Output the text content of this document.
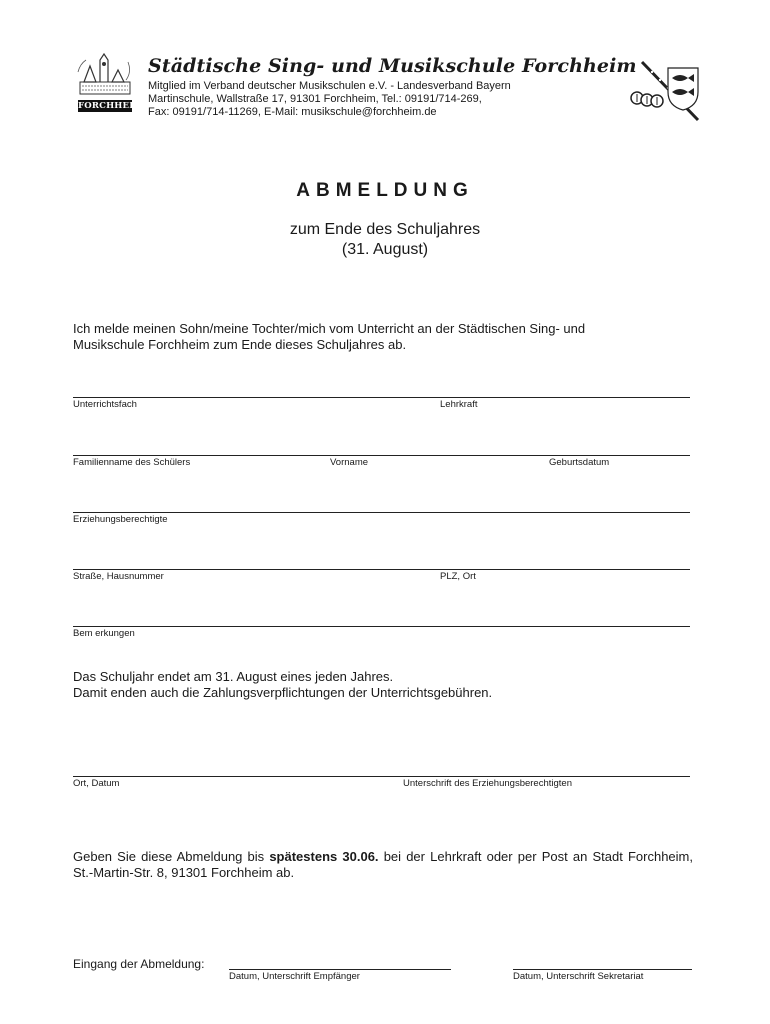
FORCHHEIM
Städtische Sing- und Musikschule Forchheim
Mitglied im Verband deutscher Musikschulen e.V. - Landesverband Bayern
Martinschule, Wallstraße 17, 91301 Forchheim, Tel.: 09191/714-269,
Fax: 09191/714-11269, E-Mail: musikschule@forchheim.de
ABMELDUNG
zum Ende des Schuljahres
(31. August)

Ich melde meinen Sohn/meine Tochter/mich vom Unterricht an der Städtischen Sing- und

Musikschule Forchheim zum Ende dieses Schuljahres ab.

Unterrichtsfach	Lehrkraft
Familienname des Schülers	Vorname	Geburtsdatum
Erziehungsberechtigte
Straße, Hausnummer	PLZ, Ort
Bem erkungen

Das Schuljahr endet am 31. August eines jeden Jahres.

Damit enden auch die Zahlungsverpflichtungen der Unterrichtsgebühren.

Ort, Datum	Unterschrift des Erziehungsberechtigten

Geben Sie diese Abmeldung bis spätestens 30.06. bei der Lehrkraft oder per Post an Stadt Forchheim, St.-Martin-Str. 8, 91301 Forchheim ab.

Eingang der Abmeldung:
Datum, Unterschrift Empfänger	Datum, Unterschrift Sekretariat
